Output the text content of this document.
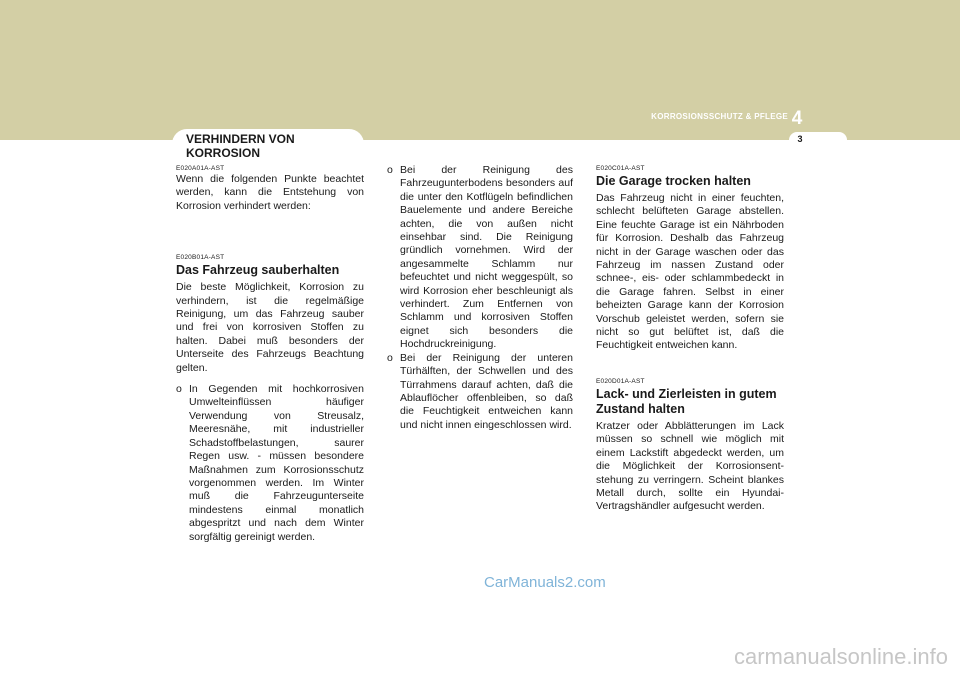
KORROSIONSSCHUTZ & PFLEGE 4
3
VERHINDERN VON KORROSION
E020A01A-AST

Wenn die folgenden Punkte beachtet werden, kann die Entstehung von Korrosion verhindert werden:

E020B01A-AST
Das Fahrzeug sauberhalten

Die beste Möglichkeit, Korrosion zu verhindern, ist die regelmäßige Reinigung, um das Fahrzeug sauber und frei von korrosiven Stoffen zu halten. Dabei muß besonders der Unterseite des Fahrzeugs Beachtung gelten.

o In Gegenden mit hochkorrosiven Umwelteinflüssen häufiger Verwendung von Streusalz, Meeresnähe, mit industrieller Schadstoffbelastungen, saurer Regen usw. - müssen besondere Maßnahmen zum Korrosionsschutz vorgenommen werden. Im Winter muß die Fahrzeugunterseite mindestens einmal monatlich abgespritzt und nach dem Winter sorgfältig gereinigt werden.
o Bei der Reinigung des Fahrzeugunterbodens besonders auf die unter den Kotflügeln befindlichen Bauelemente und andere Bereiche achten, die von außen nicht einsehbar sind. Die Reinigung gründlich vornehmen. Wird der angesammelte Schlamm nur befeuchtet und nicht weggespült, so wird Korrosion eher beschleunigt als verhindert. Zum Entfernen von Schlamm und korrosiven Stoffen eignet sich besonders die Hochdruckreinigung.
o Bei der Reinigung der unteren Türhälften, der Schwellen und des Türrahmens darauf achten, daß die Ablauflöcher offenbleiben, so daß die Feuchtigkeit entweichen kann und nicht innen eingeschlossen wird.
E020C01A-AST
Die Garage trocken halten

Das Fahrzeug nicht in einer feuchten, schlecht belüfteten Garage abstellen. Eine feuchte Garage ist ein Nährboden für Korrosion. Deshalb das Fahrzeug nicht in der Garage waschen oder das Fahrzeug im nassen Zustand oder schnee-, eis- oder schlammbedeckt in die Garage fahren. Selbst in einer beheizten Garage kann der Korrosion Vorschub geleistet werden, sofern sie nicht so gut belüftet ist, daß die Feuchtigkeit entweichen kann.

E020D01A-AST
Lack- und Zierleisten in gutem Zustand halten

Kratzer oder Abblätterungen im Lack müssen so schnell wie möglich mit einem Lackstift abgedeckt werden, um die Möglichkeit der Korrosionsent-stehung zu verringern. Scheint blankes Metall durch, sollte ein Hyundai-Vertragshändler aufgesucht werden.

CarManuals2.com
carmanualsonline.info
